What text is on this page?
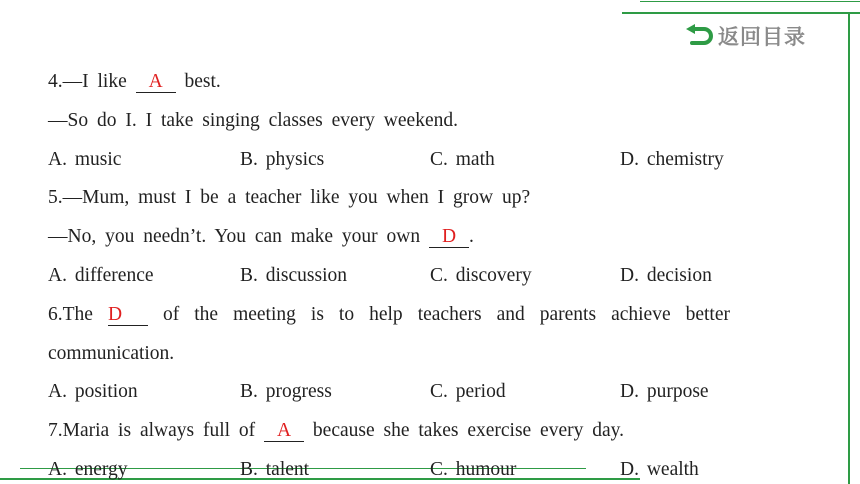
返回目录
4.—I like A best.
—So do I. I take singing classes every weekend.
A. music	B. physics	C. math	D. chemistry
5.—Mum, must I be a teacher like you when I grow up?
—No, you needn’t. You can make your own D .
A. difference	B. discussion	C. discovery	D. decision
6.The D of the meeting is to help teachers and parents achieve better
communication.
A. position	B. progress	C. period	D. purpose
7.Maria is always full of A because she takes exercise every day.
A. energy	B. talent	C. humour	D. wealth
